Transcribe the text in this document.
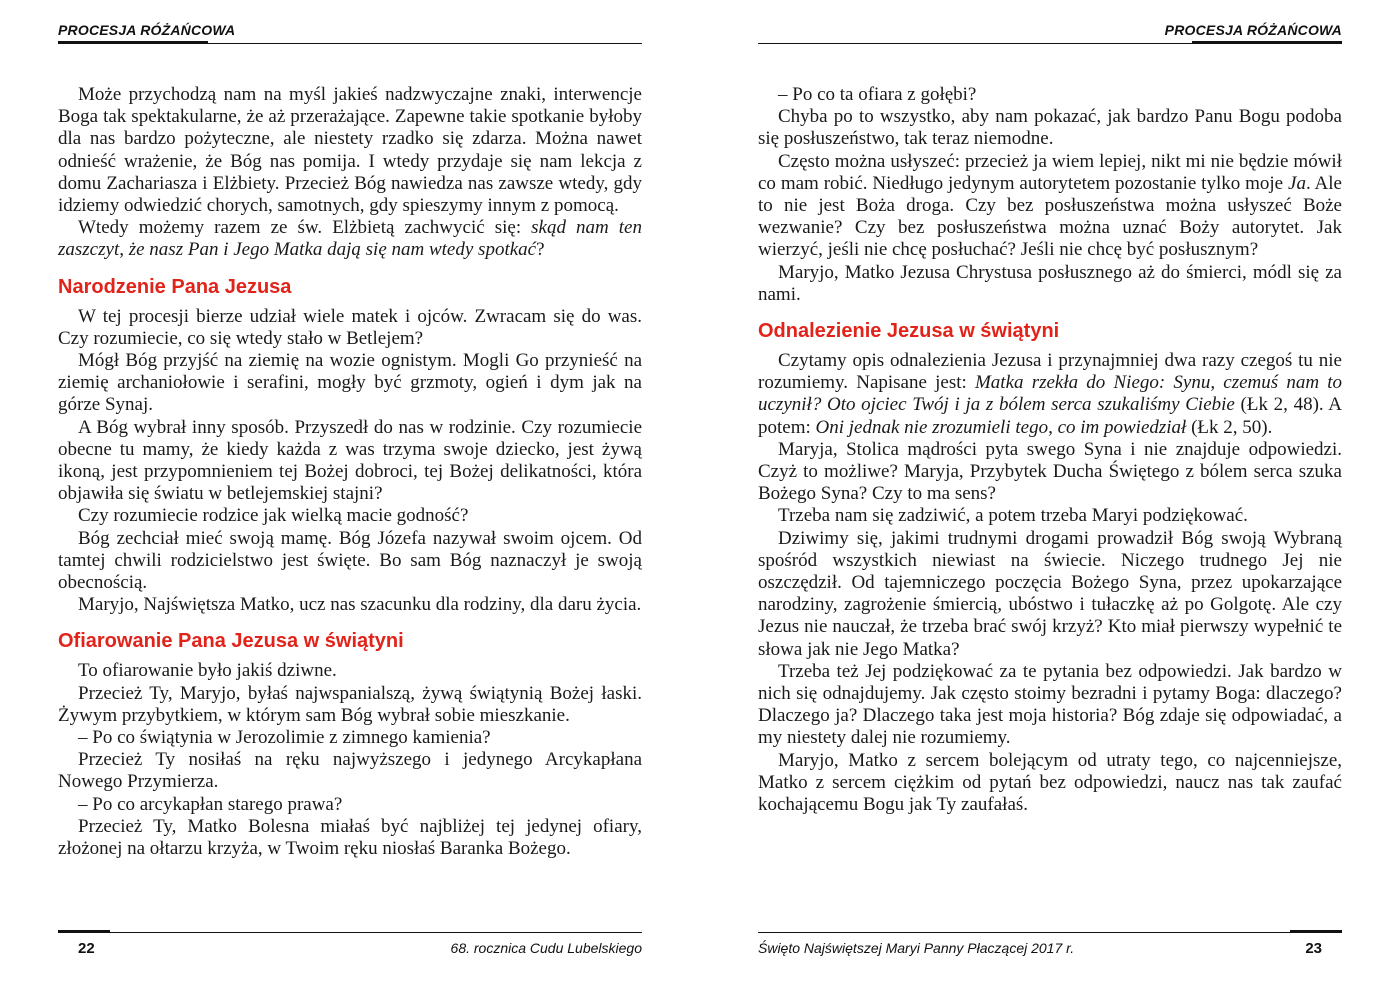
PROCESJA RÓŻAŃCOWA

Może przychodzą nam na myśl jakieś nadzwyczajne znaki, interwencje Boga tak spektakularne, że aż przerażające. Zapewne takie spotkanie byłoby dla nas bardzo pożyteczne, ale niestety rzadko się zdarza. Można nawet odnieść wrażenie, że Bóg nas pomija. I wtedy przydaje się nam lekcja z domu Zachariasza i Elżbiety. Przecież Bóg nawiedza nas zawsze wtedy, gdy idziemy odwiedzić chorych, samotnych, gdy spieszymy innym z pomocą.

Wtedy możemy razem ze św. Elżbietą zachwycić się: skąd nam ten zaszczyt, że nasz Pan i Jego Matka dają się nam wtedy spotkać?

Narodzenie Pana Jezusa

W tej procesji bierze udział wiele matek i ojców. Zwracam się do was. Czy rozumiecie, co się wtedy stało w Betlejem?

Mógł Bóg przyjść na ziemię na wozie ognistym. Mogli Go przynieść na ziemię archaniołowie i serafini, mogły być grzmoty, ogień i dym jak na górze Synaj.

A Bóg wybrał inny sposób. Przyszedł do nas w rodzinie. Czy rozumiecie obecne tu mamy, że kiedy każda z was trzyma swoje dziecko, jest żywą ikoną, jest przypomnieniem tej Bożej dobroci, tej Bożej delikatności, która objawiła się światu w betlejemskiej stajni?

Czy rozumiecie rodzice jak wielką macie godność?

Bóg zechciał mieć swoją mamę. Bóg Józefa nazywał swoim ojcem. Od tamtej chwili rodzicielstwo jest święte. Bo sam Bóg naznaczył je swoją obecnością.

Maryjo, Najświętsza Matko, ucz nas szacunku dla rodziny, dla daru życia.

Ofiarowanie Pana Jezusa w świątyni

To ofiarowanie było jakiś dziwne.

Przecież Ty, Maryjo, byłaś najwspanialszą, żywą świątynią Bożej łaski. Żywym przybytkiem, w którym sam Bóg wybrał sobie mieszkanie.

– Po co świątynia w Jerozolimie z zimnego kamienia?

Przecież Ty nosiłaś na ręku najwyższego i jedynego Arcykapłana Nowego Przymierza.

– Po co arcykapłan starego prawa?

Przecież Ty, Matko Bolesna miałaś być najbliżej tej jedynej ofiary, złożonej na ołtarzu krzyża, w Twoim ręku niosłaś Baranka Bożego.

22	68. rocznica Cudu Lubelskiego
PROCESJA RÓŻAŃCOWA

– Po co ta ofiara z gołębi?

Chyba po to wszystko, aby nam pokazać, jak bardzo Panu Bogu podoba się posłuszeństwo, tak teraz niemodne.

Często można usłyszeć: przecież ja wiem lepiej, nikt mi nie będzie mówił co mam robić. Niedługo jedynym autorytetem pozostanie tylko moje Ja. Ale to nie jest Boża droga. Czy bez posłuszeństwa można usłyszeć Boże wezwanie? Czy bez posłuszeństwa można uznać Boży autorytet. Jak wierzyć, jeśli nie chcę posłuchać? Jeśli nie chcę być posłusznym?

Maryjo, Matko Jezusa Chrystusa posłusznego aż do śmierci, módl się za nami.

Odnalezienie Jezusa w świątyni

Czytamy opis odnalezienia Jezusa i przynajmniej dwa razy czegoś tu nie rozumiemy. Napisane jest: Matka rzekła do Niego: Synu, czemuś nam to uczynił? Oto ojciec Twój i ja z bólem serca szukaliśmy Ciebie (Łk 2, 48). A potem: Oni jednak nie zrozumieli tego, co im powiedział (Łk 2, 50).

Maryja, Stolica mądrości pyta swego Syna i nie znajduje odpowiedzi. Czyż to możliwe? Maryja, Przybytek Ducha Świętego z bólem serca szuka Bożego Syna? Czy to ma sens?

Trzeba nam się zadziwić, a potem trzeba Maryi podziękować.

Dziwimy się, jakimi trudnymi drogami prowadził Bóg swoją Wybraną spośród wszystkich niewiast na świecie. Niczego trudnego Jej nie oszczędził. Od tajemniczego poczęcia Bożego Syna, przez upokarzające narodziny, zagrożenie śmiercią, ubóstwo i tułaczkę aż po Golgotę. Ale czy Jezus nie nauczał, że trzeba brać swój krzyż? Kto miał pierwszy wypełnić te słowa jak nie Jego Matka?

Trzeba też Jej podziękować za te pytania bez odpowiedzi. Jak bardzo w nich się odnajdujemy. Jak często stoimy bezradni i pytamy Boga: dlaczego? Dlaczego ja? Dlaczego taka jest moja historia? Bóg zdaje się odpowiadać, a my niestety dalej nie rozumiemy.

Maryjo, Matko z sercem bolejącym od utraty tego, co najcenniejsze, Matko z sercem ciężkim od pytań bez odpowiedzi, naucz nas tak zaufać kochającemu Bogu jak Ty zaufałaś.

Święto Najświętszej Maryi Panny Płaczącej 2017 r.	23
